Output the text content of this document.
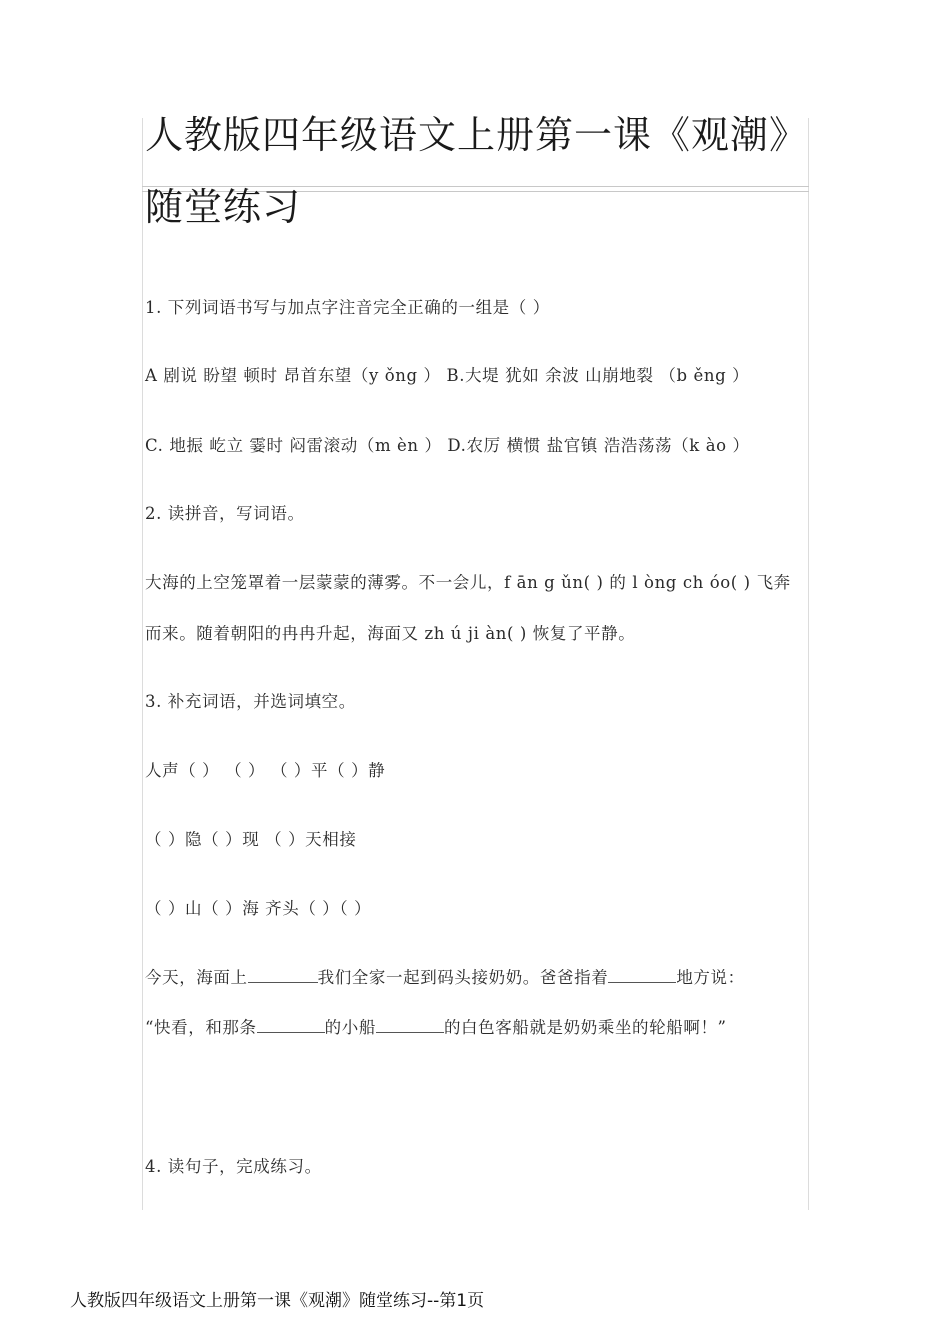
人教版四年级语文上册第一课《观潮》
随堂练习
1. 下列词语书写与加点字注音完全正确的一组是（ ）
A 剧说 盼望 顿时 昂首东望（y ǒng ） B.大堤 犹如 余波 山崩地裂 （b ěng ）
C. 地振 屹立 霎时 闷雷滚动（m èn ） D.农厉 横惯 盐官镇 浩浩荡荡（k ào ）
2. 读拼音，写词语。
大海的上空笼罩着一层蒙蒙的薄雾。不一会儿，f ān g ǔn( ) 的 l òng ch óo( ) 飞奔
而来。随着朝阳的冉冉升起，海面又 zh ú ji àn( ) 恢复了平静。
3. 补充词语，并选词填空。
人声（ ） （ ） （ ）平（ ）静
（ ）隐（ ）现 （ ）天相接
（ ）山（ ）海 齐头（ ）（ ）
今天，海面上	我们全家一起到码头接奶奶。爸爸指着	地方说：
“快看，和那条	的小船	的白色客船就是奶奶乘坐的轮船啊！”
4. 读句子，完成练习。
人教版四年级语文上册第一课《观潮》随堂练习--第1页
